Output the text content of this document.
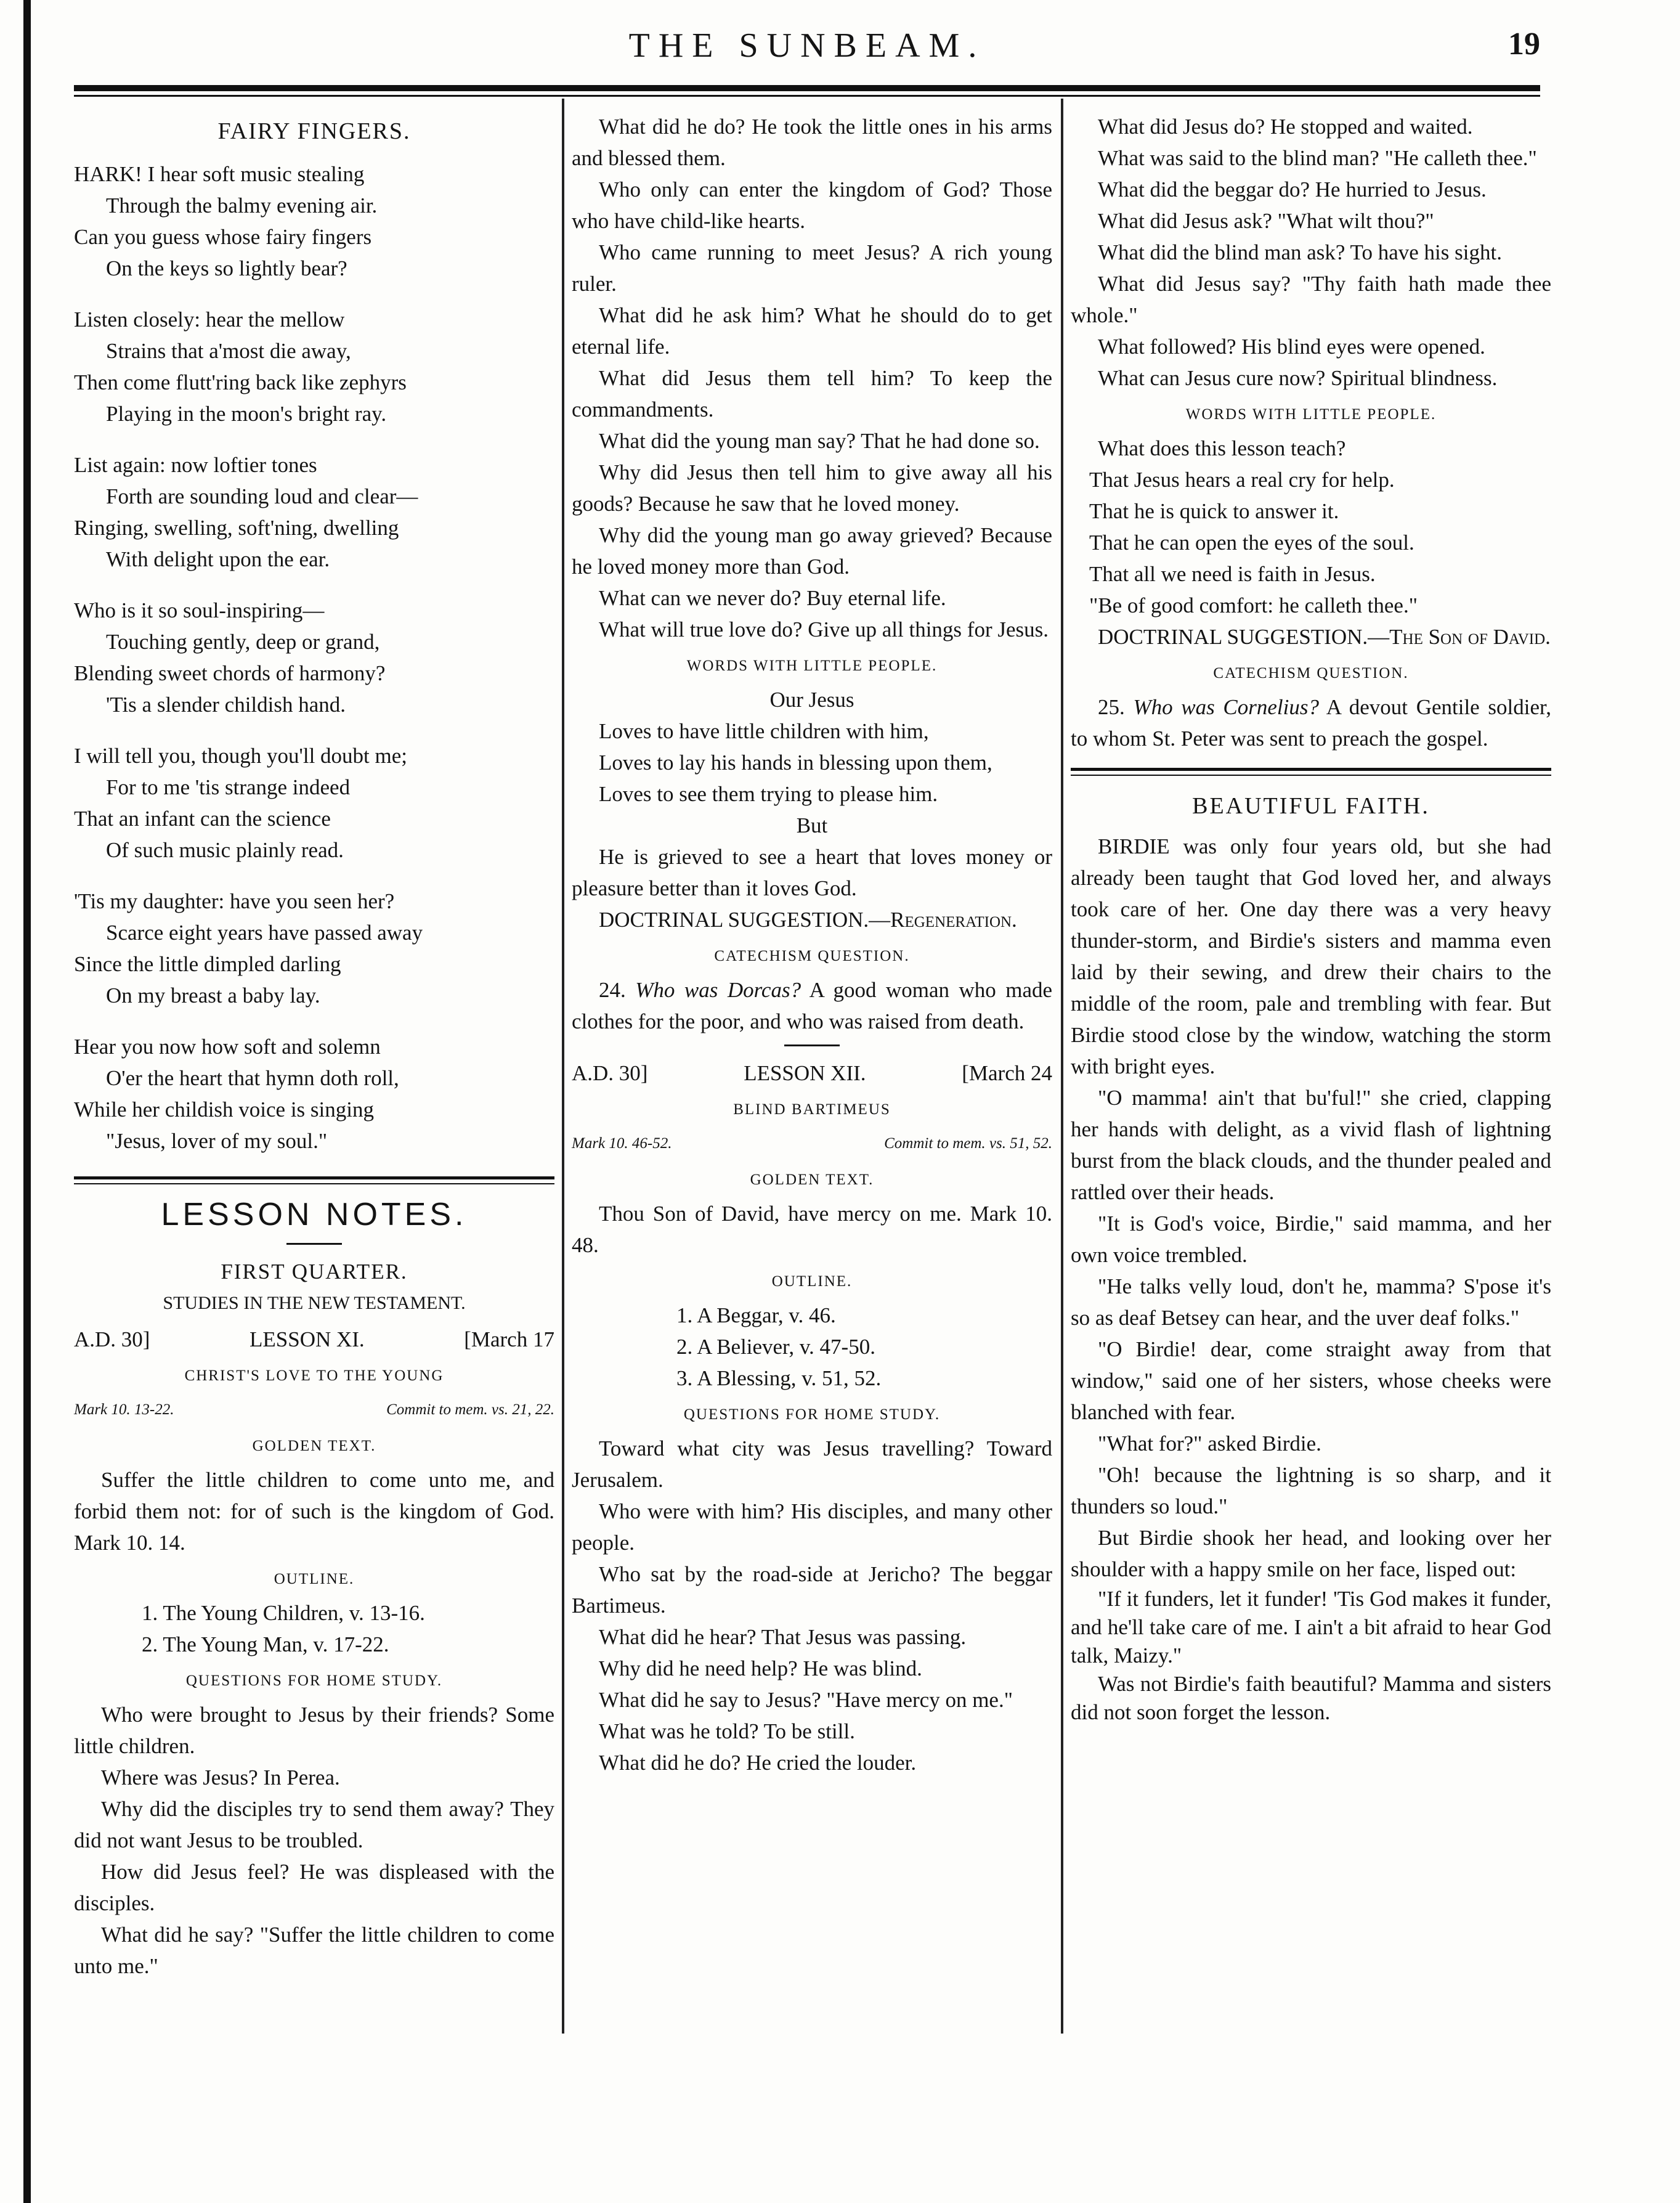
THE SUNBEAM.	19
FAIRY FINGERS.

HARK! I hear soft music stealing

Through the balmy evening air.

Can you guess whose fairy fingers

On the keys so lightly bear?

Listen closely: hear the mellow

Strains that a'most die away,

Then come flutt'ring back like zephyrs

Playing in the moon's bright ray.

List again: now loftier tones

Forth are sounding loud and clear—

Ringing, swelling, soft'ning, dwelling

With delight upon the ear.

Who is it so soul-inspiring—

Touching gently, deep or grand,

Blending sweet chords of harmony?

'Tis a slender childish hand.

I will tell you, though you'll doubt me;

For to me 'tis strange indeed

That an infant can the science

Of such music plainly read.

'Tis my daughter: have you seen her?

Scarce eight years have passed away

Since the little dimpled darling

On my breast a baby lay.

Hear you now how soft and solemn

O'er the heart that hymn doth roll,

While her childish voice is singing

"Jesus, lover of my soul."

LESSON NOTES.

FIRST QUARTER.

STUDIES IN THE NEW TESTAMENT.

A.D. 30]	LESSON XI.	[March 17

CHRIST'S LOVE TO THE YOUNG

Mark 10. 13-22.	Commit to mem. vs. 21, 22.

GOLDEN TEXT.

Suffer the little children to come unto me, and forbid them not: for of such is the kingdom of God. Mark 10. 14.

OUTLINE.

1. The Young Children, v. 13-16.

2. The Young Man, v. 17-22.

QUESTIONS FOR HOME STUDY.

Who were brought to Jesus by their friends? Some little children.

Where was Jesus? In Perea.

Why did the disciples try to send them away? They did not want Jesus to be troubled.

How did Jesus feel? He was displeased with the disciples.

What did he say? "Suffer the little children to come unto me."

What did he do? He took the little ones in his arms and blessed them.

Who only can enter the kingdom of God? Those who have child-like hearts.

Who came running to meet Jesus? A rich young ruler.

What did he ask him? What he should do to get eternal life.

What did Jesus them tell him? To keep the commandments.

What did the young man say? That he had done so.

Why did Jesus then tell him to give away all his goods? Because he saw that he loved money.

Why did the young man go away grieved? Because he loved money more than God.

What can we never do? Buy eternal life.

What will true love do? Give up all things for Jesus.

WORDS WITH LITTLE PEOPLE.

Our Jesus

Loves to have little children with him,

Loves to lay his hands in blessing upon them,

Loves to see them trying to please him.

But

He is grieved to see a heart that loves money or pleasure better than it loves God.

DOCTRINAL SUGGESTION.—Regeneration.

CATECHISM QUESTION.

24. Who was Dorcas? A good woman who made clothes for the poor, and who was raised from death.

A.D. 30]	LESSON XII.	[March 24

BLIND BARTIMEUS

Mark 10. 46-52.	Commit to mem. vs. 51, 52.

GOLDEN TEXT.

Thou Son of David, have mercy on me. Mark 10. 48.

OUTLINE.

1. A Beggar, v. 46.

2. A Believer, v. 47-50.

3. A Blessing, v. 51, 52.

QUESTIONS FOR HOME STUDY.

Toward what city was Jesus travelling? Toward Jerusalem.

Who were with him? His disciples, and many other people.

Who sat by the road-side at Jericho? The beggar Bartimeus.

What did he hear? That Jesus was passing.

Why did he need help? He was blind.

What did he say to Jesus? "Have mercy on me."

What was he told? To be still.

What did he do? He cried the louder.

What did Jesus do? He stopped and waited.

What was said to the blind man? "He calleth thee."

What did the beggar do? He hurried to Jesus.

What did Jesus ask? "What wilt thou?"

What did the blind man ask? To have his sight.

What did Jesus say? "Thy faith hath made thee whole."

What followed? His blind eyes were opened.

What can Jesus cure now? Spiritual blindness.

WORDS WITH LITTLE PEOPLE.

What does this lesson teach?

That Jesus hears a real cry for help.

That he is quick to answer it.

That he can open the eyes of the soul.

That all we need is faith in Jesus.

"Be of good comfort: he calleth thee."

DOCTRINAL SUGGESTION.—The Son of David.

CATECHISM QUESTION.

25. Who was Cornelius? A devout Gentile soldier, to whom St. Peter was sent to preach the gospel.

BEAUTIFUL FAITH.

BIRDIE was only four years old, but she had already been taught that God loved her, and always took care of her. One day there was a very heavy thunder-storm, and Birdie's sisters and mamma even laid by their sewing, and drew their chairs to the middle of the room, pale and trembling with fear. But Birdie stood close by the window, watching the storm with bright eyes.

"O mamma! ain't that bu'ful!" she cried, clapping her hands with delight, as a vivid flash of lightning burst from the black clouds, and the thunder pealed and rattled over their heads.

"It is God's voice, Birdie," said mamma, and her own voice trembled.

"He talks velly loud, don't he, mamma? S'pose it's so as deaf Betsey can hear, and the uver deaf folks."

"O Birdie! dear, come straight away from that window," said one of her sisters, whose cheeks were blanched with fear.

"What for?" asked Birdie.

"Oh! because the lightning is so sharp, and it thunders so loud."

But Birdie shook her head, and looking over her shoulder with a happy smile on her face, lisped out:

"If it funders, let it funder! 'Tis God makes it funder, and he'll take care of me. I ain't a bit afraid to hear God talk, Maizy."

Was not Birdie's faith beautiful? Mamma and sisters did not soon forget the lesson.
